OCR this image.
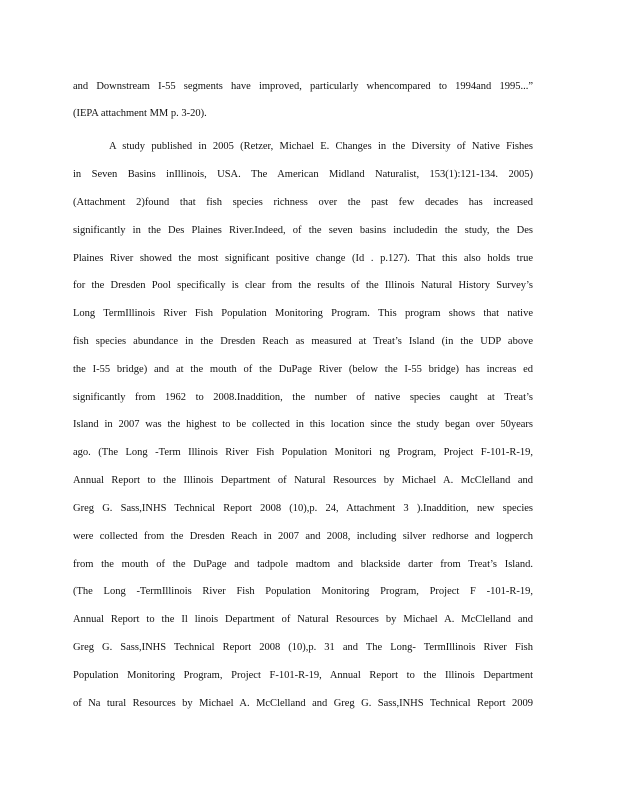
and Downstream I-55 segments have improved, particularly whencompared to 1994and 1995...”
(IEPA attachment MM p. 3-20).
A study published in 2005 (Retzer, Michael E. Changes in the Diversity of Native Fishes
in Seven Basins inIllinois, USA. The American Midland Naturalist, 153(1):121-134. 2005)
(Attachment 2)found that fish species richness over the past few decades has increased
significantly in the Des Plaines River.Indeed, of the seven basins includedin the study, the Des
Plaines River showed the most significant positive change (Id . p.127). That this also holds true
for the Dresden Pool specifically is clear from the results of the Illinois Natural History Survey’s
Long TermIllinois River Fish Population Monitoring Program. This program shows that native
fish species abundance in the Dresden Reach as measured at Treat’s Island (in the UDP above
the I-55 bridge) and at the mouth of the DuPage River (below the I-55 bridge) has increas ed
significantly from 1962 to 2008.Inaddition, the number of native species caught at Treat’s
Island in 2007 was the highest to be collected in this location since the study began over 50years
ago. (The Long -Term Illinois River Fish Population Monitori ng Program, Project F-101-R-19,
Annual Report to the Illinois Department of Natural Resources by Michael A. McClelland and
Greg G. Sass,INHS Technical Report 2008 (10),p. 24, Attachment 3 ).Inaddition, new species
were collected from the Dresden Reach in 2007 and 2008, including silver redhorse and logperch
from the mouth of the DuPage and tadpole madtom and blackside darter from Treat’s Island.
(The Long -TermIllinois River Fish Population Monitoring Program, Project F -101-R-19,
Annual Report to the Il linois Department of Natural Resources by Michael A. McClelland and
Greg G. Sass,INHS Technical Report 2008 (10),p. 31 and The Long- TermIllinois River Fish
Population Monitoring Program, Project F-101-R-19, Annual Report to the Illinois Department
of Na tural Resources by Michael A. McClelland and Greg G. Sass,INHS Technical Report 2009
